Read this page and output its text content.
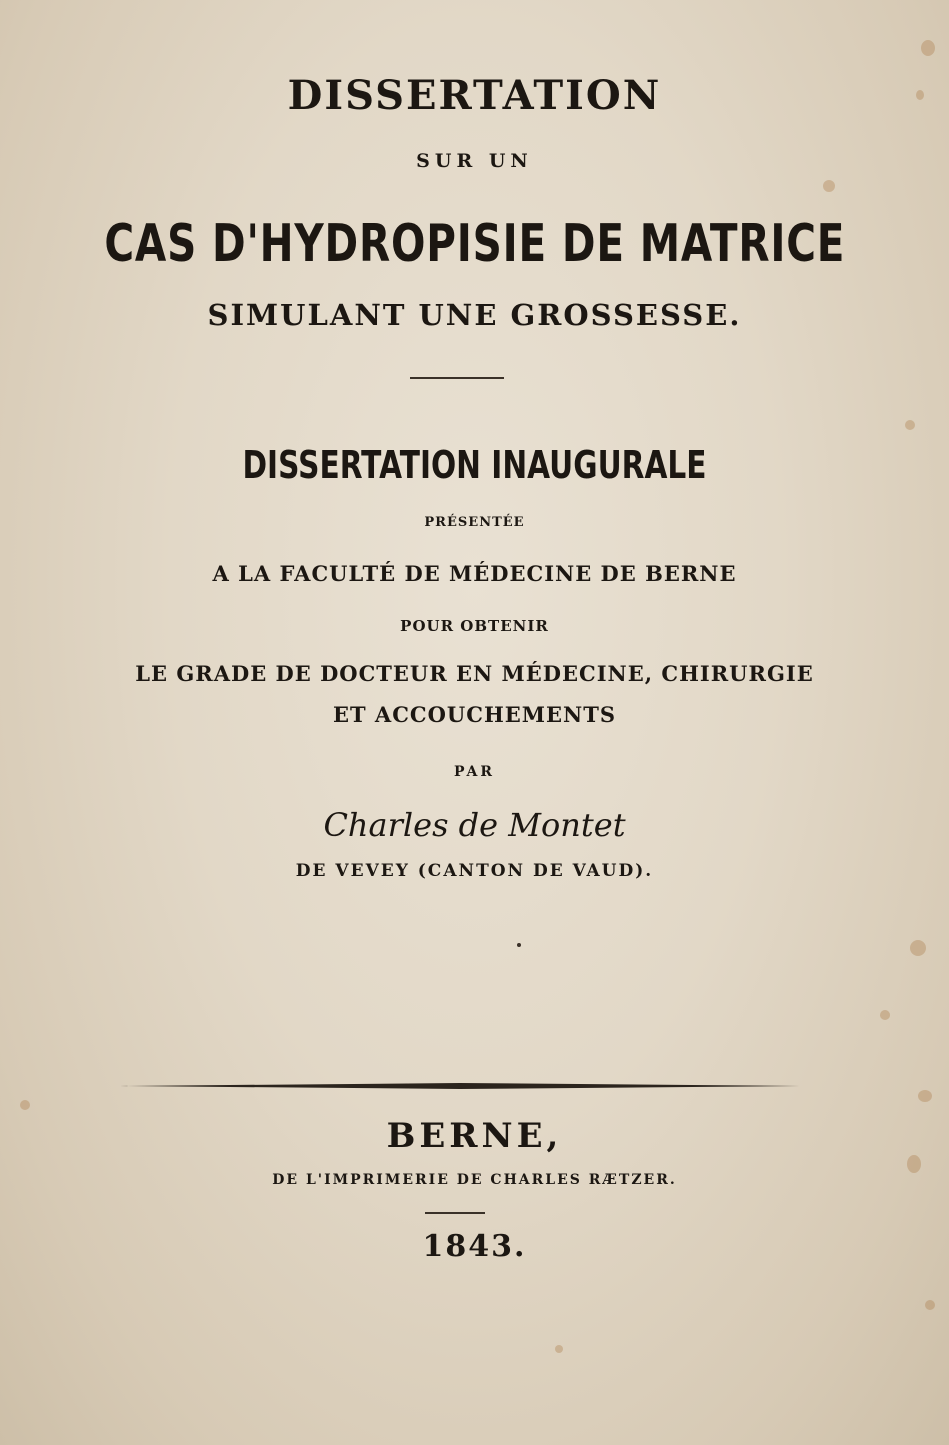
DISSERTATION
SUR UN
CAS D'HYDROPISIE DE MATRICE
SIMULANT UNE GROSSESSE.
DISSERTATION INAUGURALE
PRÉSENTÉE
A LA FACULTÉ DE MÉDECINE DE BERNE
POUR OBTENIR
LE GRADE DE DOCTEUR EN MÉDECINE, CHIRURGIE
ET ACCOUCHEMENTS
PAR
Charles de Montet
DE VEVEY (CANTON DE VAUD).
BERNE,
DE L'IMPRIMERIE DE CHARLES RÆTZER.
1843.
